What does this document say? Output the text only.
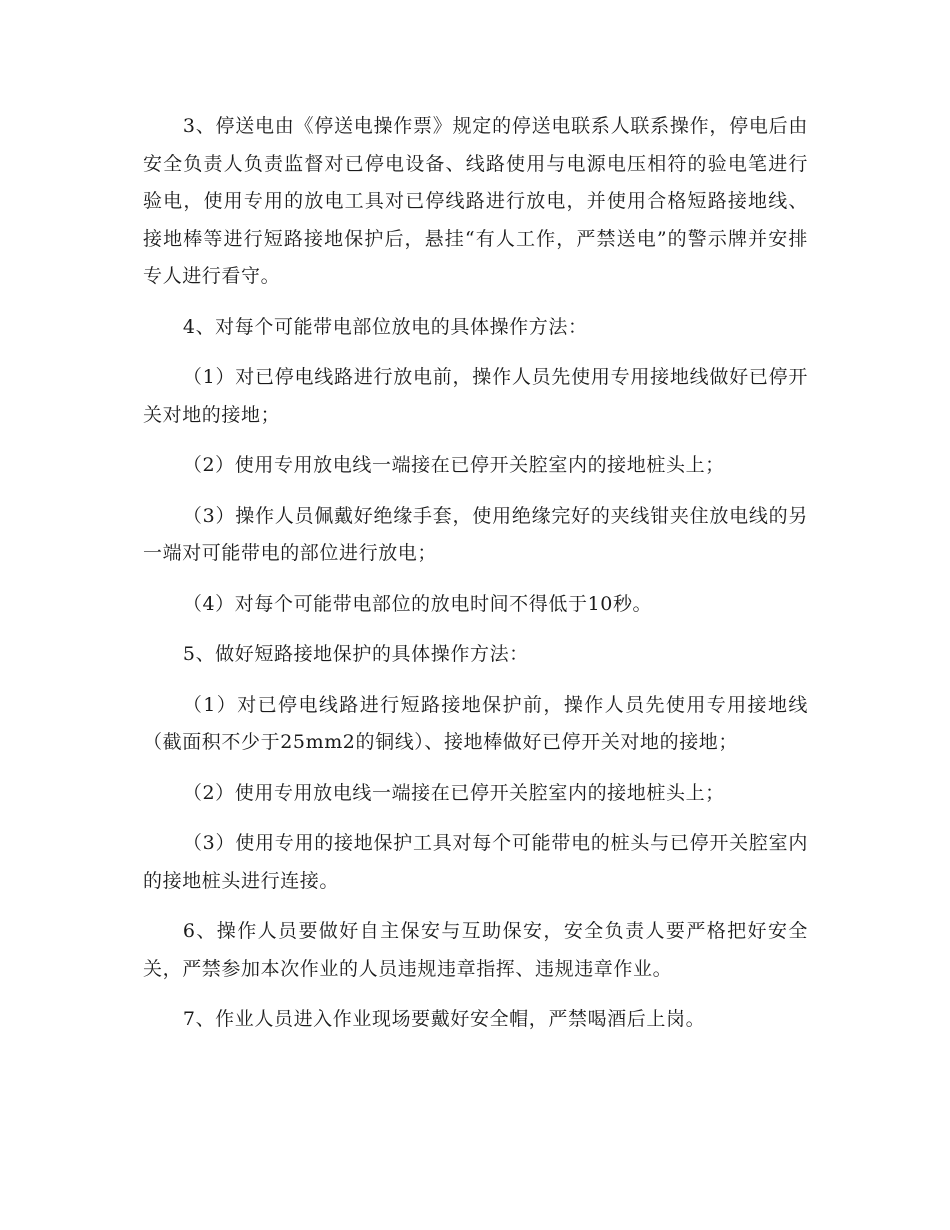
3、停送电由《停送电操作票》规定的停送电联系人联系操作，停电后由安全负责人负责监督对已停电设备、线路使用与电源电压相符的验电笔进行验电，使用专用的放电工具对已停线路进行放电，并使用合格短路接地线、接地棒等进行短路接地保护后，悬挂“有人工作，严禁送电”的警示牌并安排专人进行看守。

4、对每个可能带电部位放电的具体操作方法：

（1）对已停电线路进行放电前，操作人员先使用专用接地线做好已停开关对地的接地；

（2）使用专用放电线一端接在已停开关腔室内的接地桩头上；

（3）操作人员佩戴好绝缘手套，使用绝缘完好的夹线钳夹住放电线的另一端对可能带电的部位进行放电；

（4）对每个可能带电部位的放电时间不得低于10秒。

5、做好短路接地保护的具体操作方法：

（1）对已停电线路进行短路接地保护前，操作人员先使用专用接地线（截面积不少于25mm2的铜线）、接地棒做好已停开关对地的接地；

（2）使用专用放电线一端接在已停开关腔室内的接地桩头上；

（3）使用专用的接地保护工具对每个可能带电的桩头与已停开关腔室内的接地桩头进行连接。

6、操作人员要做好自主保安与互助保安，安全负责人要严格把好安全关，严禁参加本次作业的人员违规违章指挥、违规违章作业。

7、作业人员进入作业现场要戴好安全帽，严禁喝酒后上岗。
